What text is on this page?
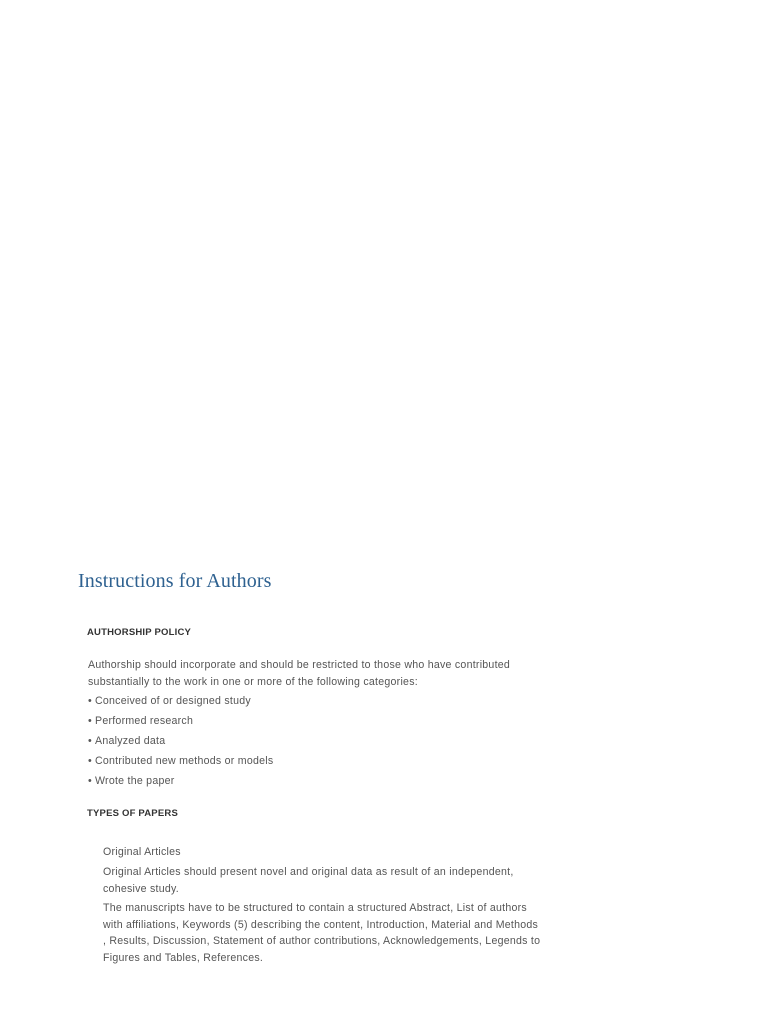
Instructions for Authors
AUTHORSHIP POLICY

Authorship should incorporate and should be restricted to those who have contributed substantially to the work in one or more of the following categories:

• Conceived of or designed study
• Performed research
• Analyzed data
• Contributed new methods or models
• Wrote the paper
TYPES OF PAPERS

Original Articles

Original Articles should present novel and original data as result of an independent, cohesive study.

The manuscripts have to be structured to contain a structured Abstract, List of authors with affiliations, Keywords (5) describing the content, Introduction, Material and Methods , Results, Discussion, Statement of author contributions, Acknowledgements, Legends to Figures and Tables, References.
